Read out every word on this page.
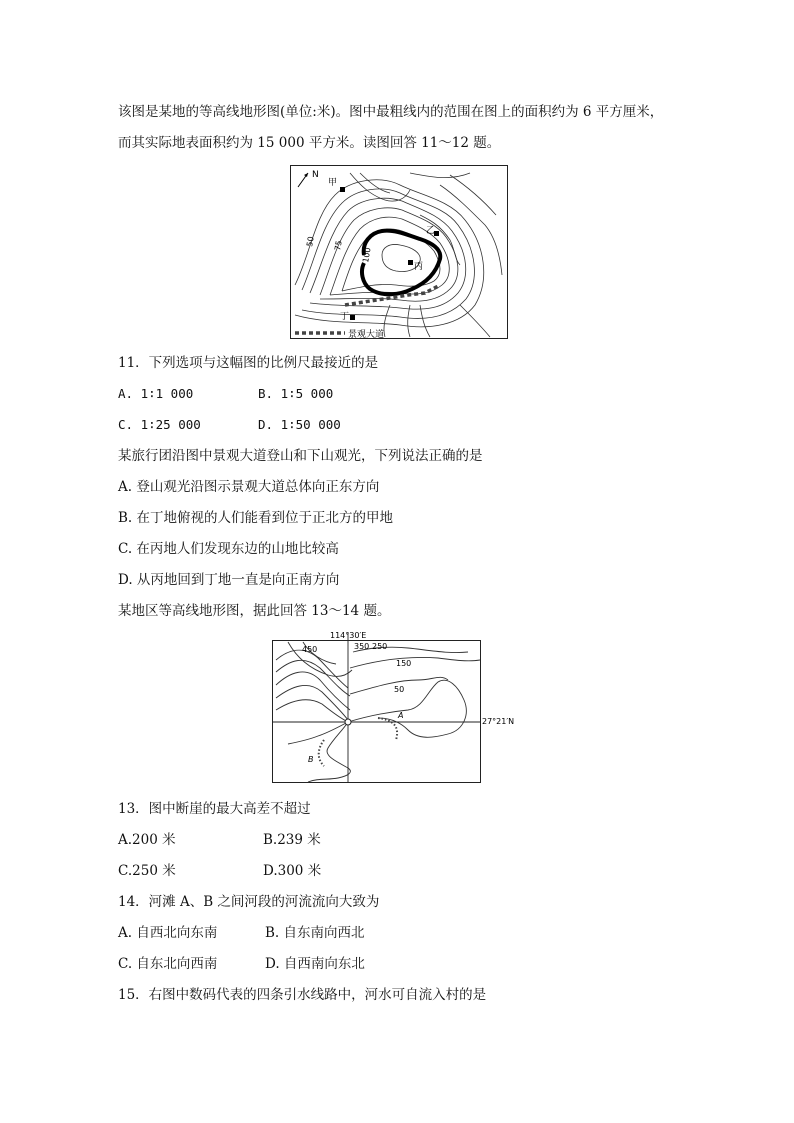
该图是某地的等高线地形图(单位:米)。图中最粗线内的范围在图上的面积约为 6 平方厘米，
而其实际地表面积约为 15 000 平方米。读图回答 11～12 题。
N
甲
乙
丙
丁
50 75
100
景观大道
11．下列选项与这幅图的比例尺最接近的是
A. 1∶1 000	B. 1∶5 000
C. 1∶25 000	D. 1∶50 000
某旅行团沿图中景观大道登山和下山观光，下列说法正确的是
A. 登山观光沿图示景观大道总体向正东方向
B. 在丁地俯视的人们能看到位于正北方的甲地
C. 在丙地人们发现东边的山地比较高
D. 从丙地回到丁地一直是向正南方向
某地区等高线地形图，据此回答 13～14 题。
114°30′E
27°21′N
450	350 250
150
50
A
B
13．图中断崖的最大高差不超过
A.200 米	B.239 米
C.250 米	D.300 米
14．河滩 A、B 之间河段的河流流向大致为
A. 自西北向东南	B. 自东南向西北
C. 自东北向西南	D. 自西南向东北
15．右图中数码代表的四条引水线路中，河水可自流入村的是
